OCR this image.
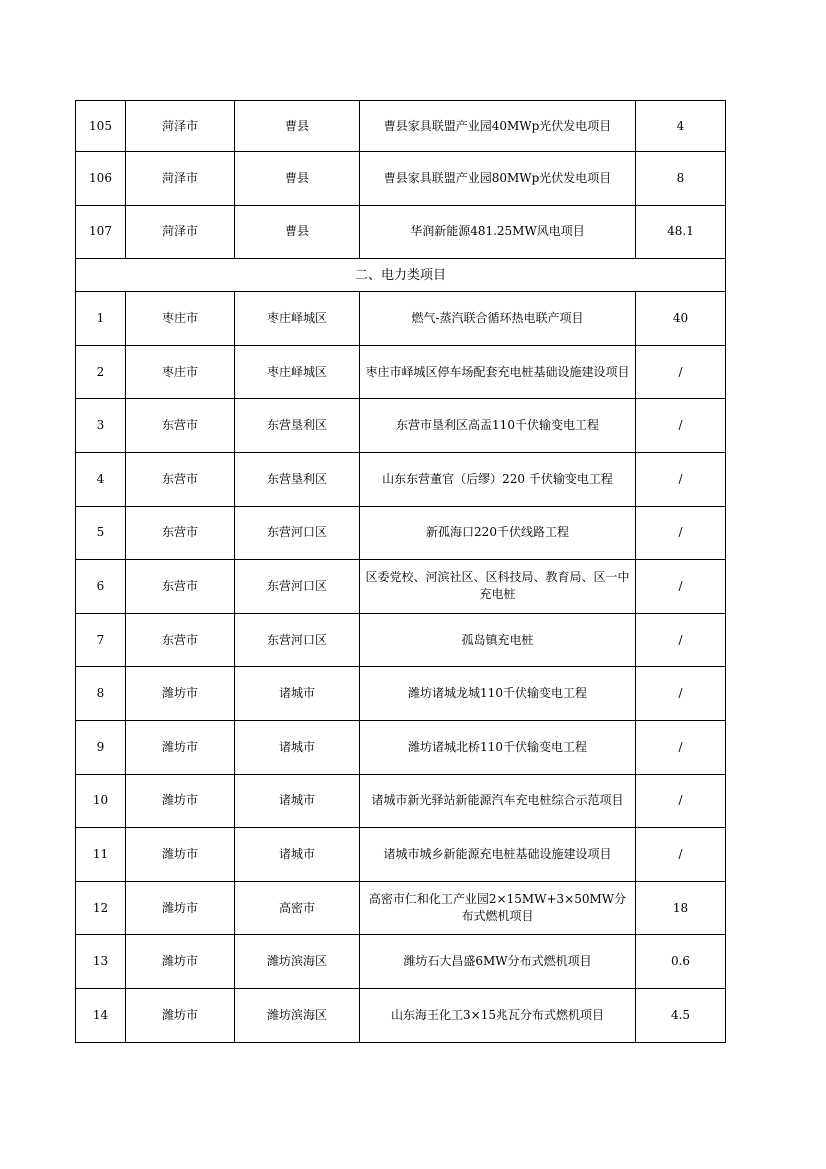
105	菏泽市	曹县	曹县家具联盟产业园40MWp光伏发电项目	4
106	菏泽市	曹县	曹县家具联盟产业园80MWp光伏发电项目	8
107	菏泽市	曹县	华润新能源481.25MW风电项目	48.1
二、电力类项目				
1	枣庄市	枣庄峄城区	燃气-蒸汽联合循环热电联产项目	40
2	枣庄市	枣庄峄城区	枣庄市峄城区停车场配套充电桩基础设施建设项目	/
3	东营市	东营垦利区	东营市垦利区高盂110千伏输变电工程	/
4	东营市	东营垦利区	山东东营董官（后缪）220 千伏输变电工程	/
5	东营市	东营河口区	新孤海口220千伏线路工程	/
6	东营市	东营河口区	区委党校、河滨社区、区科技局、教育局、区一中充电桩	/
7	东营市	东营河口区	孤岛镇充电桩	/
8	潍坊市	诸城市	潍坊诸城龙城110千伏输变电工程	/
9	潍坊市	诸城市	潍坊诸城北桥110千伏输变电工程	/
10	潍坊市	诸城市	诸城市新光驿站新能源汽车充电桩综合示范项目	/
11	潍坊市	诸城市	诸城市城乡新能源充电桩基础设施建设项目	/
12	潍坊市	高密市	高密市仁和化工产业园2×15MW+3×50MW分布式燃机项目	18
13	潍坊市	潍坊滨海区	潍坊石大昌盛6MW分布式燃机项目	0.6
14	潍坊市	潍坊滨海区	山东海王化工3×15兆瓦分布式燃机项目	4.5
